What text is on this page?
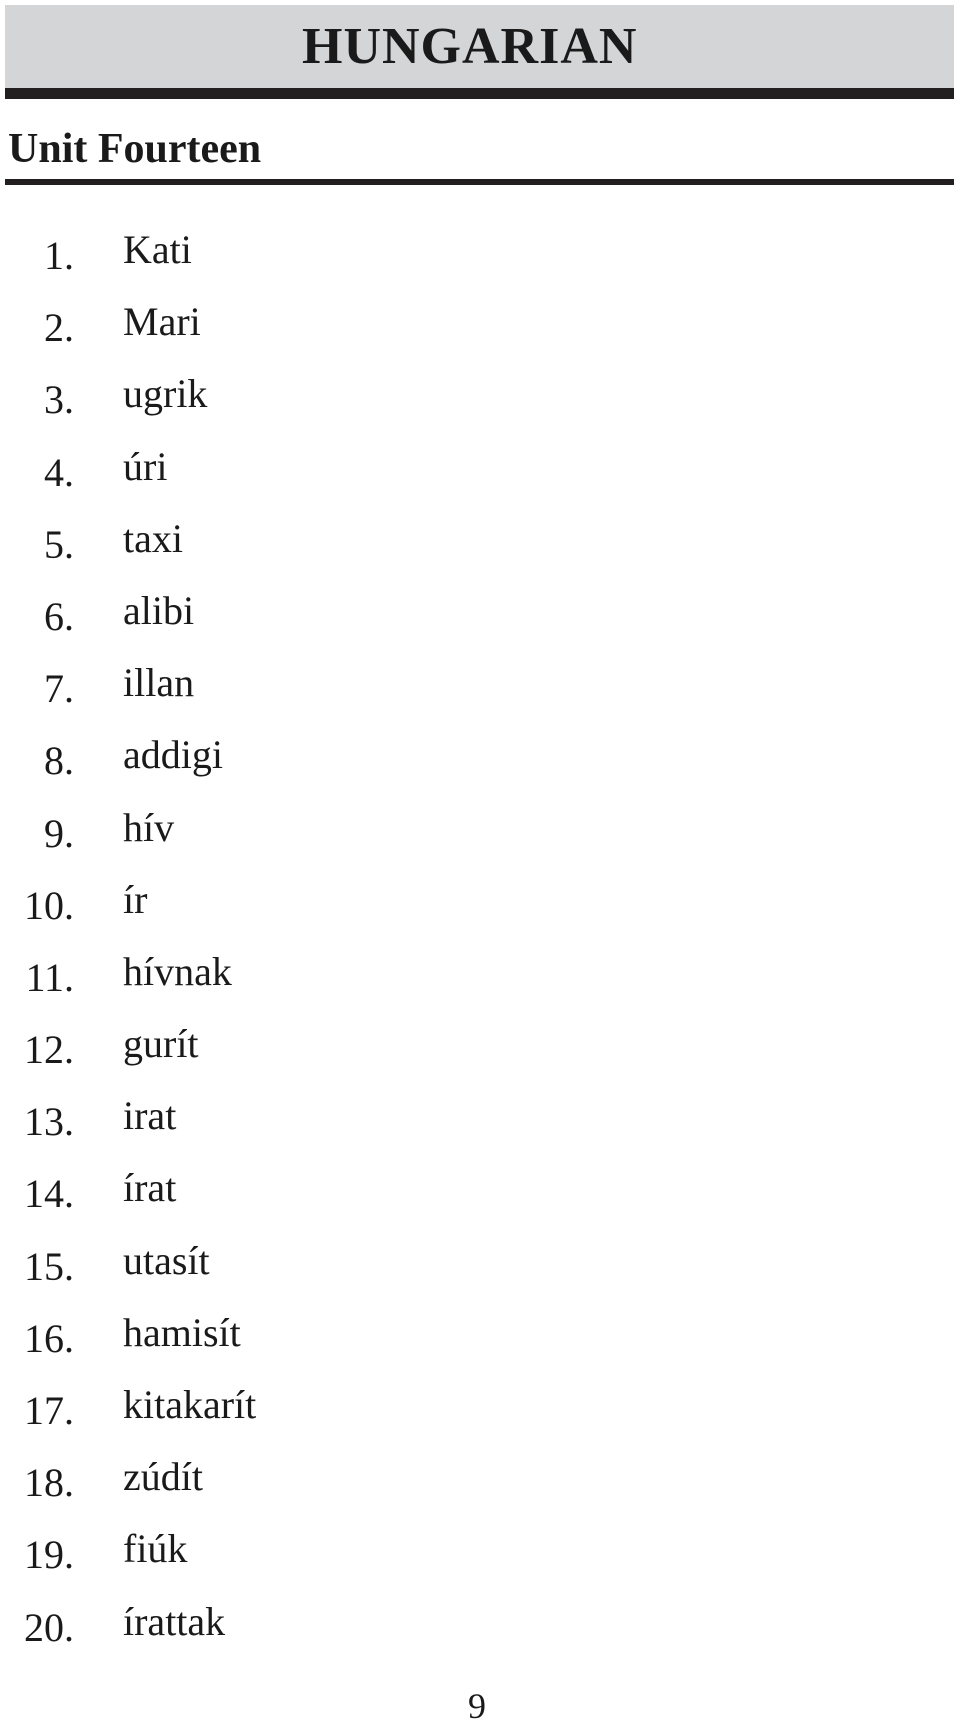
HUNGARIAN
Unit Fourteen
1. Kati
2. Mari
3. ugrik
4. úri
5. taxi
6. alibi
7. illan
8. addigi
9. hív
10. ír
11. hívnak
12. gurít
13. irat
14. írat
15. utasít
16. hamisít
17. kitakarít
18. zúdít
19. fiúk
20. írattak
9
